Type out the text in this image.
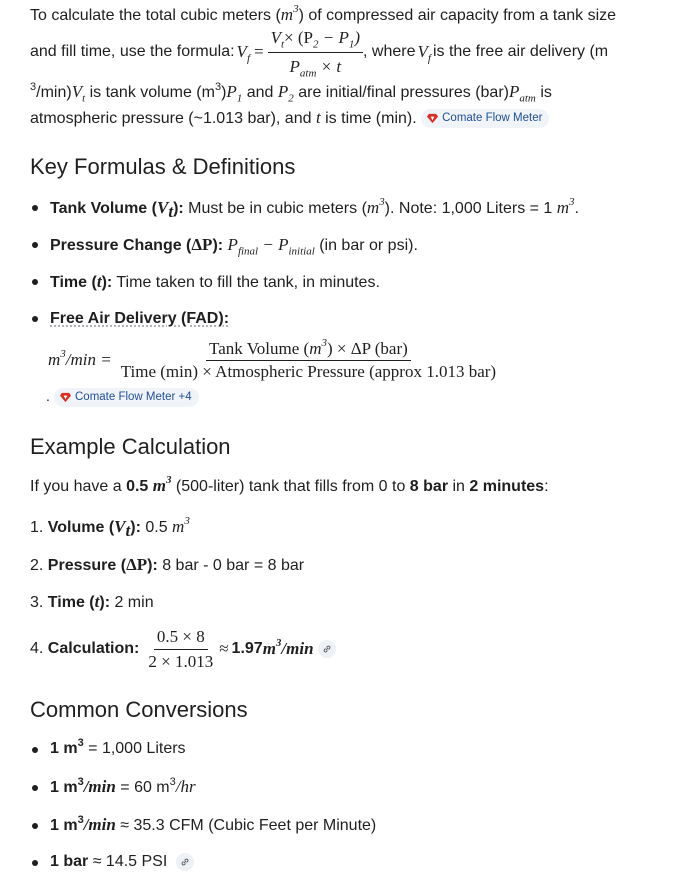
To calculate the total cubic meters $(m^3)$ of compressed air capacity from a tank size
and fill time, use the formula: $V_f = \frac{V_t\times (P_2 - P_1)}{P_{atm} \times t}$ , where $V_f$ is the free air delivery (m
$^3/\min)V_t$ is tank volume $(m^3)P_1$ and $P_2$ are initial/final pressures $(bar)P_{atm}$ is
atmospheric pressure (~1.013 bar), and t is time (min). Comate Flow Meter
Key Formulas & Definitions
Tank Volume $(V_t)$: Must be in cubic meters $(m^3)$. Note: 1,000 Liters = 1 $m^3$.
Pressure Change (ΔP): $P_{final} - P_{initial}$ (in bar or psi).
Time (t): Time taken to fill the tank, in minutes.
Free Air Delivery (FAD):
$m^3/\min = \frac{Tank Volume (m^3) \times \Delta P (bar)}{\text{Time (min) × Atmospheric Pressure (approx 1.013 bar)}}$
. Comate Flow Meter +4
Example Calculation
If you have a 0.5 $m^3$ (500-liter) tank that fills from 0 to 8 bar in 2 minutes:
1. Volume $(V_t)$: 0.5 $m^3$
2. Pressure (ΔP): 8 bar - 0 bar = 8 bar
3. Time (t): 2 min
4.
Calculation: $\frac{0.5 \times 8}{2 \times 1.013} \approx 1.97$ $m^3/\min$
Common Conversions
1 $m^3 = 1,000$ Liters
1 $m^3/\min = 60$ $m^3/hr$
1 $m^3/\min \approx 35.3$ CFM (Cubic Feet per Minute)
1 bar ≈ 14.5 PSI
